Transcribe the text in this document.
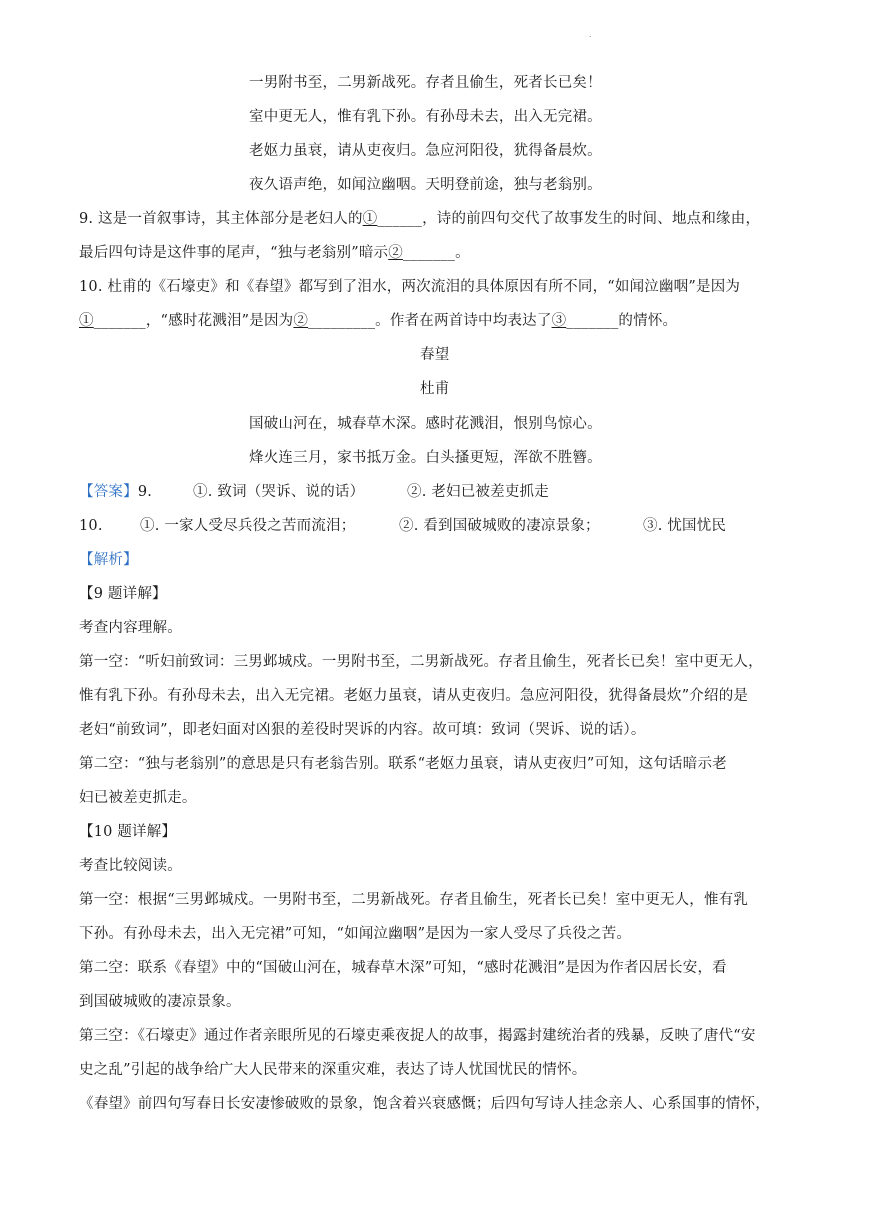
.
一男附书至，二男新战死。存者且偷生，死者长已矣！
室中更无人，惟有乳下孙。有孙母未去，出入无完裙。
老妪力虽衰，请从吏夜归。急应河阳役，犹得备晨炊。
夜久语声绝，如闻泣幽咽。天明登前途，独与老翁别。
9. 这是一首叙事诗，其主体部分是老妇人的①______，诗的前四句交代了故事发生的时间、地点和缘由，
最后四句诗是这件事的尾声，“独与老翁别”暗示②_______。
10. 杜甫的《石壕吏》和《春望》都写到了泪水，两次流泪的具体原因有所不同，“如闻泣幽咽”是因为
①_______，“感时花溅泪”是因为②_________。作者在两首诗中均表达了③_______的情怀。
春望
杜甫
国破山河在，城春草木深。感时花溅泪，恨别鸟惊心。
烽火连三月，家书抵万金。白头搔更短，浑欲不胜簪。
【答案】9.	①. 致词（哭诉、说的话）	②. 老妇已被差吏抓走
10.	①. 一家人受尽兵役之苦而流泪；	②. 看到国破城败的凄凉景象；	③. 忧国忧民
【解析】
【9 题详解】
考查内容理解。
第一空：“听妇前致词：三男邺城戍。一男附书至，二男新战死。存者且偷生，死者长已矣！室中更无人，
惟有乳下孙。有孙母未去，出入无完裙。老妪力虽衰，请从吏夜归。急应河阳役，犹得备晨炊”介绍的是
老妇“前致词”，即老妇面对凶狠的差役时哭诉的内容。故可填：致词（哭诉、说的话）。
第二空：“独与老翁别”的意思是只有老翁告别。联系“老妪力虽衰，请从吏夜归”可知，这句话暗示老
妇已被差吏抓走。
【10 题详解】
考查比较阅读。
第一空：根据“三男邺城戍。一男附书至，二男新战死。存者且偷生，死者长已矣！室中更无人，惟有乳
下孙。有孙母未去，出入无完裙”可知，“如闻泣幽咽”是因为一家人受尽了兵役之苦。
第二空：联系《春望》中的“国破山河在，城春草木深”可知，“感时花溅泪”是因为作者囚居长安，看
到国破城败的凄凉景象。
第三空：《石壕吏》通过作者亲眼所见的石壕吏乘夜捉人的故事，揭露封建统治者的残暴，反映了唐代“安
史之乱”引起的战争给广大人民带来的深重灾难，表达了诗人忧国忧民的情怀。
《春望》前四句写春日长安凄惨破败的景象，饱含着兴衰感慨；后四句写诗人挂念亲人、心系国事的情怀，
